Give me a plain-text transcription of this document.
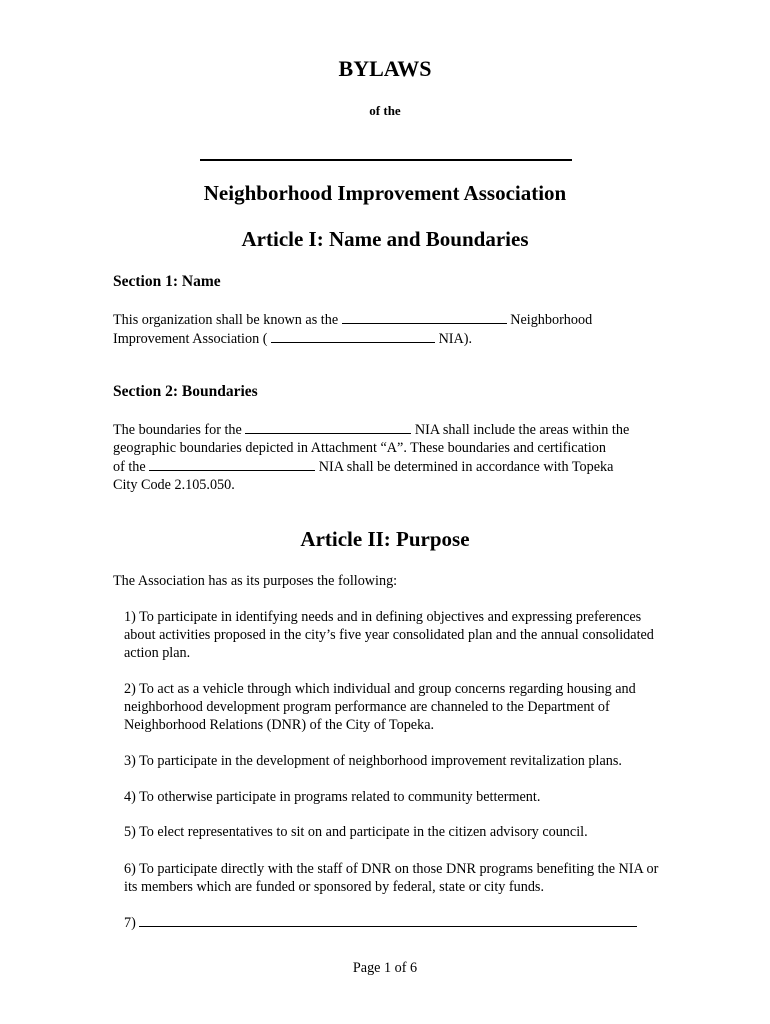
BYLAWS
of the
Neighborhood Improvement Association
Article I: Name and Boundaries
Section 1: Name
This organization shall be known as the	Neighborhood
Improvement Association (	NIA).
Section 2: Boundaries
The boundaries for the	NIA shall include the areas within the
geographic boundaries depicted in Attachment “A”. These boundaries and certification
of the	NIA shall be determined in accordance with Topeka
City Code 2.105.050.
Article II: Purpose
The Association has as its purposes the following:
1) To participate in identifying needs and in defining objectives and expressing preferences about activities proposed in the city’s five year consolidated plan and the annual consolidated action plan.
2) To act as a vehicle through which individual and group concerns regarding housing and neighborhood development program performance are channeled to the Department of Neighborhood Relations (DNR) of the City of Topeka.
3) To participate in the development of neighborhood improvement revitalization plans.
4) To otherwise participate in programs related to community betterment.
5) To elect representatives to sit on and participate in the citizen advisory council.
6) To participate directly with the staff of DNR on those DNR programs benefiting the NIA or its members which are funded or sponsored by federal, state or city funds.
7)
Page 1 of 6
